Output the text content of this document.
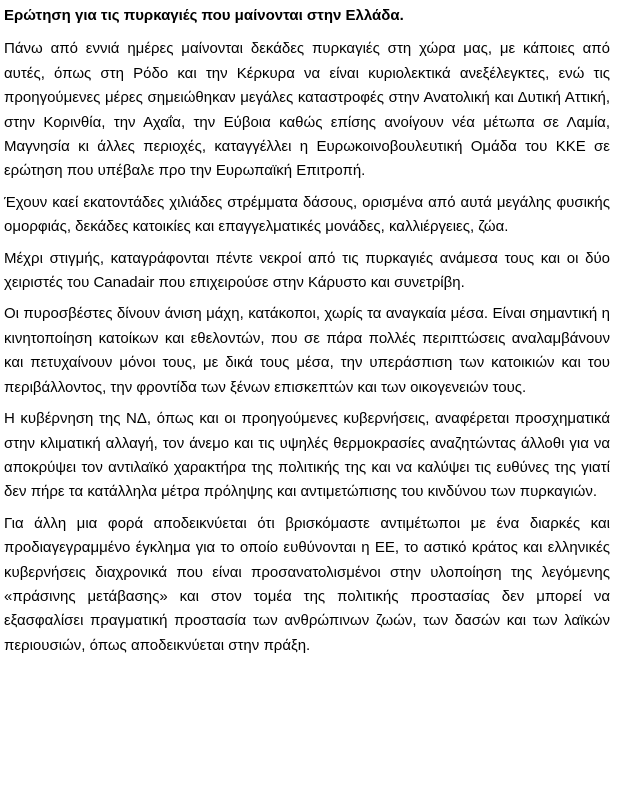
Ερώτηση για τις πυρκαγιές που μαίνονται στην Ελλάδα.

Πάνω από εννιά ημέρες μαίνονται δεκάδες πυρκαγιές στη χώρα μας, με κάποιες από αυτές, όπως στη Ρόδο και την Κέρκυρα να είναι κυριολεκτικά ανεξέλεγκτες, ενώ τις προηγούμενες μέρες σημειώθηκαν μεγάλες καταστροφές στην Ανατολική και Δυτική Αττική, στην Κορινθία, την Αχαΐα, την Εύβοια καθώς επίσης ανοίγουν νέα μέτωπα σε Λαμία, Μαγνησία κι άλλες περιοχές, καταγγέλλει η Ευρωκοινοβουλευτική Ομάδα του ΚΚΕ σε ερώτηση που υπέβαλε προ την Ευρωπαϊκή Επιτροπή.

Έχουν καεί εκατοντάδες χιλιάδες στρέμματα δάσους, ορισμένα από αυτά μεγάλης φυσικής ομορφιάς, δεκάδες κατοικίες και επαγγελματικές μονάδες, καλλιέργειες, ζώα.

Μέχρι στιγμής, καταγράφονται πέντε νεκροί από τις πυρκαγιές ανάμεσα τους και οι δύο χειριστές του Canadair που επιχειρούσε στην Κάρυστο και συνετρίβη.

Οι πυροσβέστες δίνουν άνιση μάχη, κατάκοποι, χωρίς τα αναγκαία μέσα. Είναι σημαντική η κινητοποίηση κατοίκων και εθελοντών, που σε πάρα πολλές περιπτώσεις αναλαμβάνουν και πετυχαίνουν μόνοι τους, με δικά τους μέσα, την υπεράσπιση των κατοικιών και του περιβάλλοντος, την φροντίδα των ξένων επισκεπτών και των οικογενειών τους.

Η κυβέρνηση της ΝΔ, όπως και οι προηγούμενες κυβερνήσεις, αναφέρεται προσχηματικά στην κλιματική αλλαγή, τον άνεμο και τις υψηλές θερμοκρασίες αναζητώντας άλλοθι για να αποκρύψει τον αντιλαϊκό χαρακτήρα της πολιτικής της και να καλύψει τις ευθύνες της γιατί δεν πήρε τα κατάλληλα μέτρα πρόληψης και αντιμετώπισης του κινδύνου των πυρκαγιών.

Για άλλη μια φορά αποδεικνύεται ότι βρισκόμαστε αντιμέτωποι με ένα διαρκές και προδιαγεγραμμένο έγκλημα για το οποίο ευθύνονται η ΕΕ, το αστικό κράτος και ελληνικές κυβερνήσεις διαχρονικά που είναι προσανατολισμένοι στην υλοποίηση της λεγόμενης «πράσινης μετάβασης» και στον τομέα της πολιτικής προστασίας δεν μπορεί να εξασφαλίσει πραγματική προστασία των ανθρώπινων ζωών, των δασών και των λαϊκών περιουσιών, όπως αποδεικνύεται στην πράξη.
